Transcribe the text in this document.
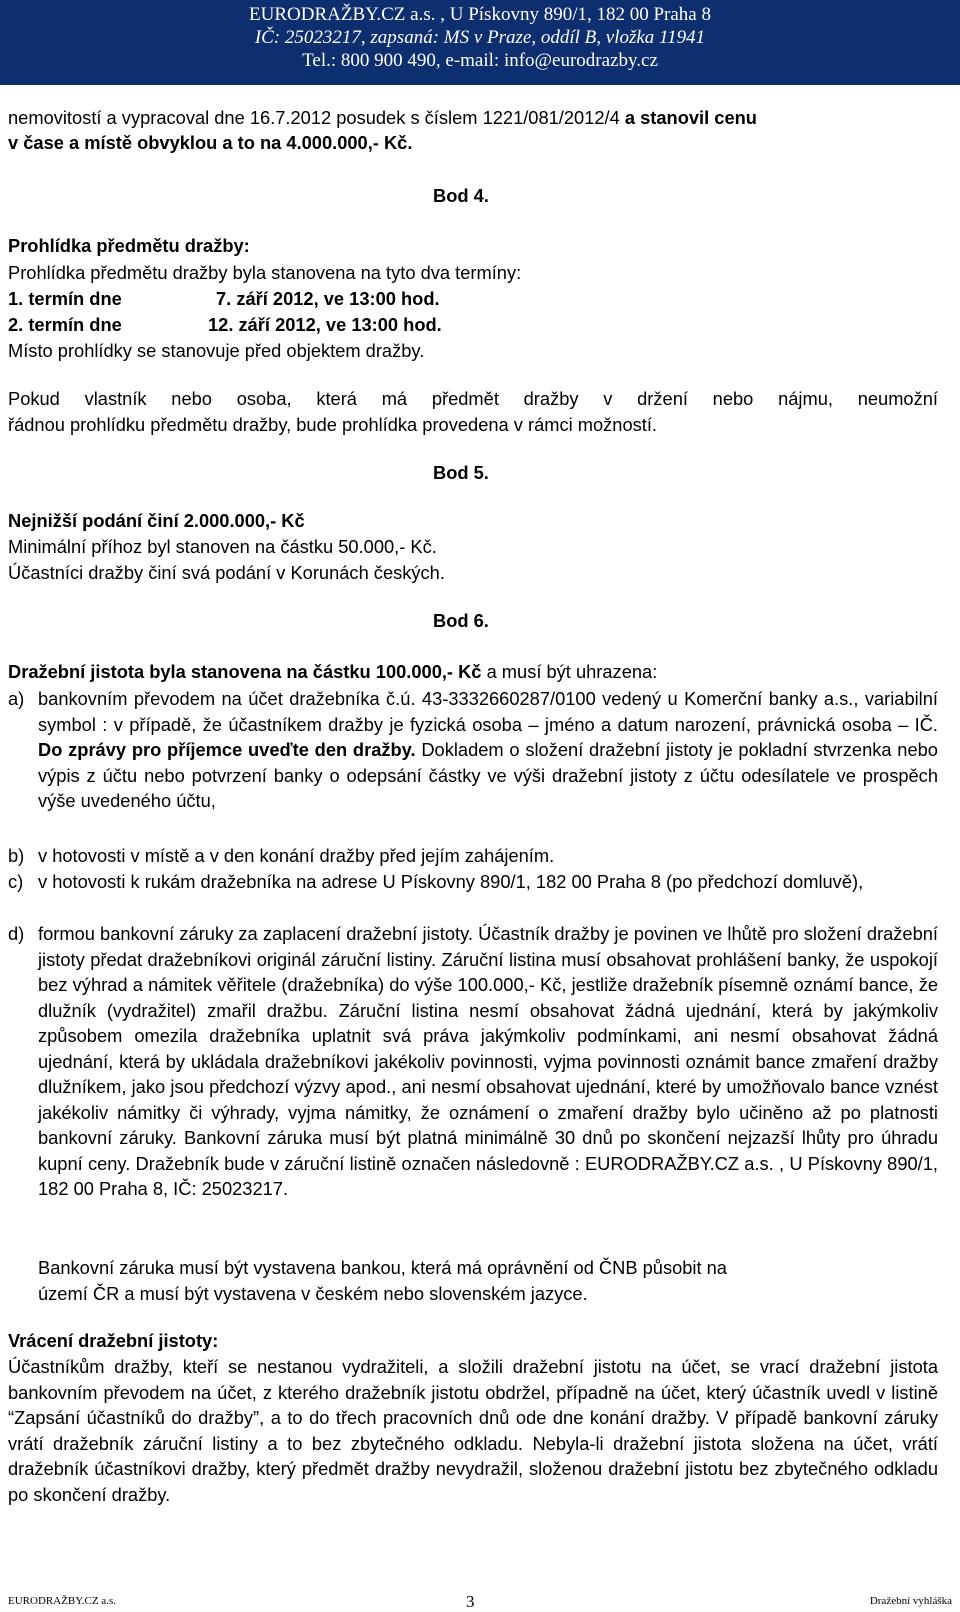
EURODRAŽBY.CZ a.s. , U Pískovny 890/1, 182 00 Praha 8
IČ: 25023217, zapsaná: MS v Praze, oddíl B, vložka 11941
Tel.: 800 900 490, e-mail: info@eurodrazby.cz
nemovitostí a vypracoval dne 16.7.2012 posudek s číslem 1221/081/2012/4 a stanovil cenu
v čase a místě obvyklou a to na 4.000.000,- Kč.
Bod 4.
Prohlídka předmětu dražby:
Prohlídka předmětu dražby byla stanovena na tyto dva termíny:
1. termín dne	7. září 2012, ve 13:00 hod.
2. termín dne	12. září 2012, ve 13:00 hod.
Místo prohlídky se stanovuje před objektem dražby.
Pokud vlastník nebo osoba, která má předmět dražby v držení nebo nájmu, neumožní
řádnou prohlídku předmětu dražby, bude prohlídka provedena v rámci možností.
Bod 5.
Nejnižší podání činí 2.000.000,- Kč
Minimální příhoz byl stanoven na částku 50.000,- Kč.
Účastníci dražby činí svá podání v Korunách českých.
Bod 6.
Dražební jistota byla stanovena na částku 100.000,- Kč a musí být uhrazena:
a) bankovním převodem na účet dražebníka č.ú. 43-3332660287/0100 vedený u Komerční banky a.s., variabilní symbol : v případě, že účastníkem dražby je fyzická osoba – jméno a datum narození, právnická osoba – IČ. Do zprávy pro příjemce uveďte den dražby. Dokladem o složení dražební jistoty je pokladní stvrzenka nebo výpis z účtu nebo potvrzení banky o odepsání částky ve výši dražební jistoty z účtu odesílatele ve prospěch výše uvedeného účtu,
b) v hotovosti v místě a v den konání dražby před jejím zahájením.
c) v hotovosti k rukám dražebníka na adrese U Pískovny 890/1, 182 00 Praha 8 (po předchozí domluvě),
d) formou bankovní záruky za zaplacení dražební jistoty. Účastník dražby je povinen ve lhůtě pro složení dražební jistoty předat dražebníkovi originál záruční listiny. Záruční listina musí obsahovat prohlášení banky, že uspokojí bez výhrad a námitek věřitele (dražebníka) do výše 100.000,- Kč, jestliže dražebník písemně oznámí bance, že dlužník (vydražitel) zmařil dražbu. Záruční listina nesmí obsahovat žádná ujednání, která by jakýmkoliv způsobem omezila dražebníka uplatnit svá práva jakýmkoliv podmínkami, ani nesmí obsahovat žádná ujednání, která by ukládala dražebníkovi jakékoliv povinnosti, vyjma povinnosti oznámit bance zmaření dražby dlužníkem, jako jsou předchozí výzvy apod., ani nesmí obsahovat ujednání, které by umožňovalo bance vznést jakékoliv námitky či výhrady, vyjma námitky, že oznámení o zmaření dražby bylo učiněno až po platnosti bankovní záruky. Bankovní záruka musí být platná minimálně 30 dnů po skončení nejzazší lhůty pro úhradu kupní ceny. Dražebník bude v záruční listině označen následovně : EURODRAŽBY.CZ a.s. , U Pískovny 890/1, 182 00 Praha 8, IČ: 25023217.
Bankovní záruka musí být vystavena bankou, která má oprávnění od ČNB působit na
území ČR a musí být vystavena v českém nebo slovenském jazyce.
Vrácení dražební jistoty:
Účastníkům dražby, kteří se nestanou vydražiteli, a složili dražební jistotu na účet, se vrací dražební jistota bankovním převodem na účet, z kterého dražebník jistotu obdržel, případně na účet, který účastník uvedl v listině “Zapsání účastníků do dražby”, a to do třech pracovních dnů ode dne konání dražby. V případě bankovní záruky vrátí dražebník záruční listiny a to bez zbytečného odkladu. Nebyla-li dražební jistota složena na účet, vrátí dražebník účastníkovi dražby, který předmět dražby nevydražil, složenou dražební jistotu bez zbytečného odkladu po skončení dražby.
EURODRAŽBY.CZ a.s.	3	Dražební vyhláška
